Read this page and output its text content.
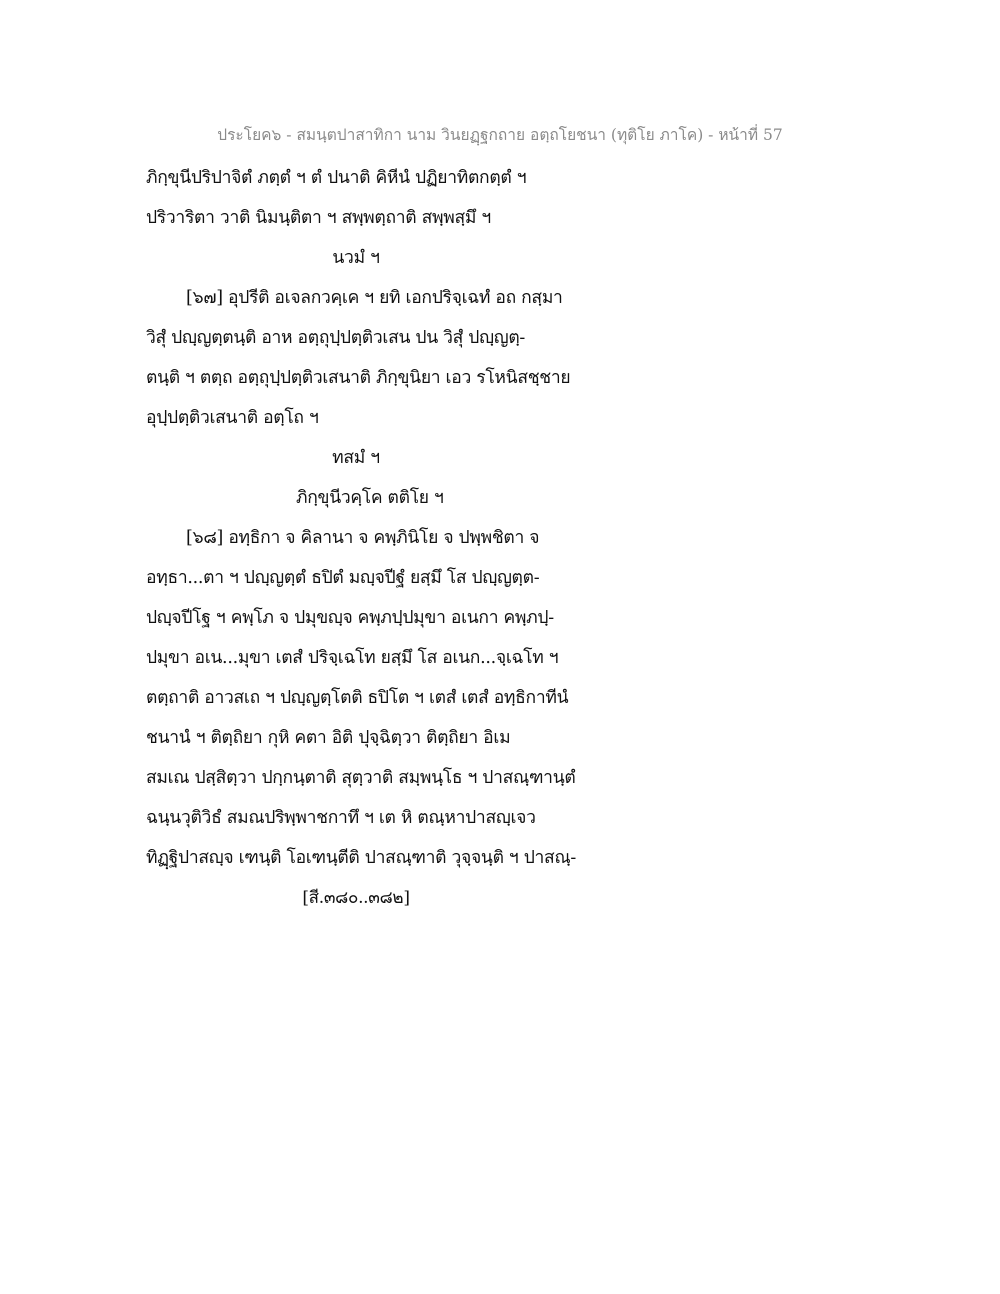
ประโยค๖ - สมนฺตปาสาทิกา นาม วินยฏฺฐกถาย อตฺถโยชนา (ทุติโย ภาโค) - หน้าที่ 57
ภิกฺขุนีปริปาจิตํ ภตฺตํ ฯ ตํ ปนาติ คิหีนํ ปฏิยาทิตกตฺตํ ฯ
ปริวาริตา วาติ นิมนฺติตา ฯ สพฺพตฺถาติ สพฺพสฺมึ ฯ
นวมํ ฯ
[๖๗] อุปรีติ อเจลกวคฺเค ฯ ยทิ เอกปริจฺเฉทํ อถ กสฺมา
วิสุํ ปญฺญตฺตนฺติ อาห อตฺถุปฺปตฺติวเสน ปน วิสุํ ปญฺญตฺ-
ตนฺติ ฯ ตตฺถ อตฺถุปฺปตฺติวเสนาติ ภิกฺขุนิยา เอว รโหนิสชฺชาย
อุปฺปตฺติวเสนาติ อตฺโถ ฯ
ทสมํ ฯ
ภิกฺขุนีวคฺโค ตติโย ฯ
[๖๘] อทฺธิกา จ คิลานา จ คพฺภินิโย จ ปพฺพชิตา จ
อทฺธา...ตา ฯ ปญฺญตฺตํ ธปิตํ มญฺจปีฐํ ยสฺมึ โส ปญฺญตฺต-
ปญฺจปีโฐ ฯ คพฺโภ จ ปมุขญฺจ คพฺภปฺปมุขา อเนกา คพฺภปฺ-
ปมุขา อเน...มุขา เตสํ ปริจฺเฉโท ยสฺมึ โส อเนก...จฺเฉโท ฯ
ตตฺถาติ อาวสเถ ฯ ปญฺญตฺโตติ ธปิโต ฯ เตสํ เตสํ อทฺธิกาทีนํ
ชนานํ ฯ ติตฺถิยา กุหิ คตา อิติ ปุจฺฉิตฺวา ติตฺถิยา อิเม
สมเณ ปสฺสิตฺวา ปกฺกนฺตาติ สุตฺวาติ สมฺพนฺโธ ฯ ปาสณฺฑานฺตํ
ฉนฺนวุติวิธํ สมณปริพฺพาชกาทึ ฯ เต หิ ตณฺหาปาสญฺเจว
ทิฏฺฐิปาสญฺจ เฑนฺติ โอเฑนฺตีติ ปาสณฺฑาติ วุจฺจนฺติ ฯ ปาสณฺ-
[สี.๓๘๐..๓๘๒]
